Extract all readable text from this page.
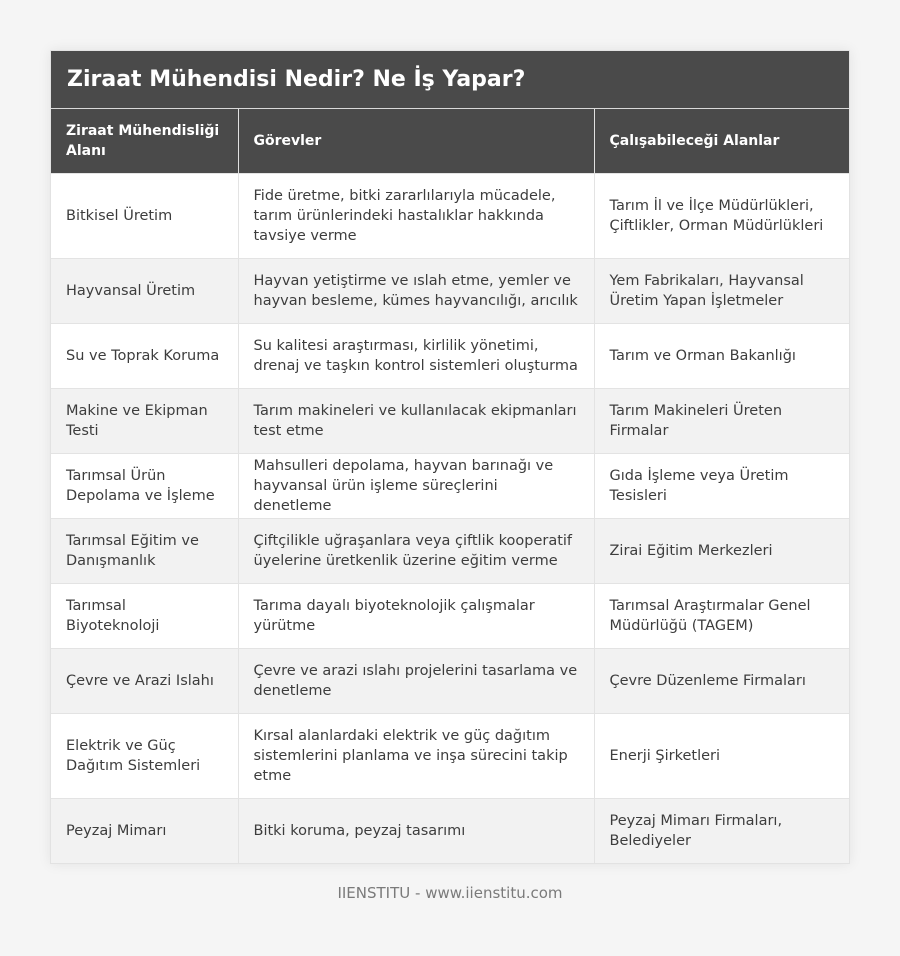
Ziraat Mühendisi Nedir? Ne İş Yapar?
Ziraat Mühendisliği Alanı	Görevler	Çalışabileceği Alanlar
Bitkisel Üretim	Fide üretme, bitki zararlılarıyla mücadele, tarım ürünlerindeki hastalıklar hakkında tavsiye verme	Tarım İl ve İlçe Müdürlükleri, Çiftlikler, Orman Müdürlükleri
Hayvansal Üretim	Hayvan yetiştirme ve ıslah etme, yemler ve hayvan besleme, kümes hayvancılığı, arıcılık	Yem Fabrikaları, Hayvansal Üretim Yapan İşletmeler
Su ve Toprak Koruma	Su kalitesi araştırması, kirlilik yönetimi, drenaj ve taşkın kontrol sistemleri oluşturma	Tarım ve Orman Bakanlığı
Makine ve Ekipman Testi	Tarım makineleri ve kullanılacak ekipmanları test etme	Tarım Makineleri Üreten Firmalar
Tarımsal Ürün Depolama ve İşleme	Mahsulleri depolama, hayvan barınağı ve hayvansal ürün işleme süreçlerini denetleme	Gıda İşleme veya Üretim Tesisleri
Tarımsal Eğitim ve Danışmanlık	Çiftçilikle uğraşanlara veya çiftlik kooperatif üyelerine üretkenlik üzerine eğitim verme	Zirai Eğitim Merkezleri
Tarımsal Biyoteknoloji	Tarıma dayalı biyoteknolojik çalışmalar yürütme	Tarımsal Araştırmalar Genel Müdürlüğü (TAGEM)
Çevre ve Arazi Islahı	Çevre ve arazi ıslahı projelerini tasarlama ve denetleme	Çevre Düzenleme Firmaları
Elektrik ve Güç Dağıtım Sistemleri	Kırsal alanlardaki elektrik ve güç dağıtım sistemlerini planlama ve inşa sürecini takip etme	Enerji Şirketleri
Peyzaj Mimarı	Bitki koruma, peyzaj tasarımı	Peyzaj Mimarı Firmaları, Belediyeler
IIENSTITU - www.iienstitu.com
